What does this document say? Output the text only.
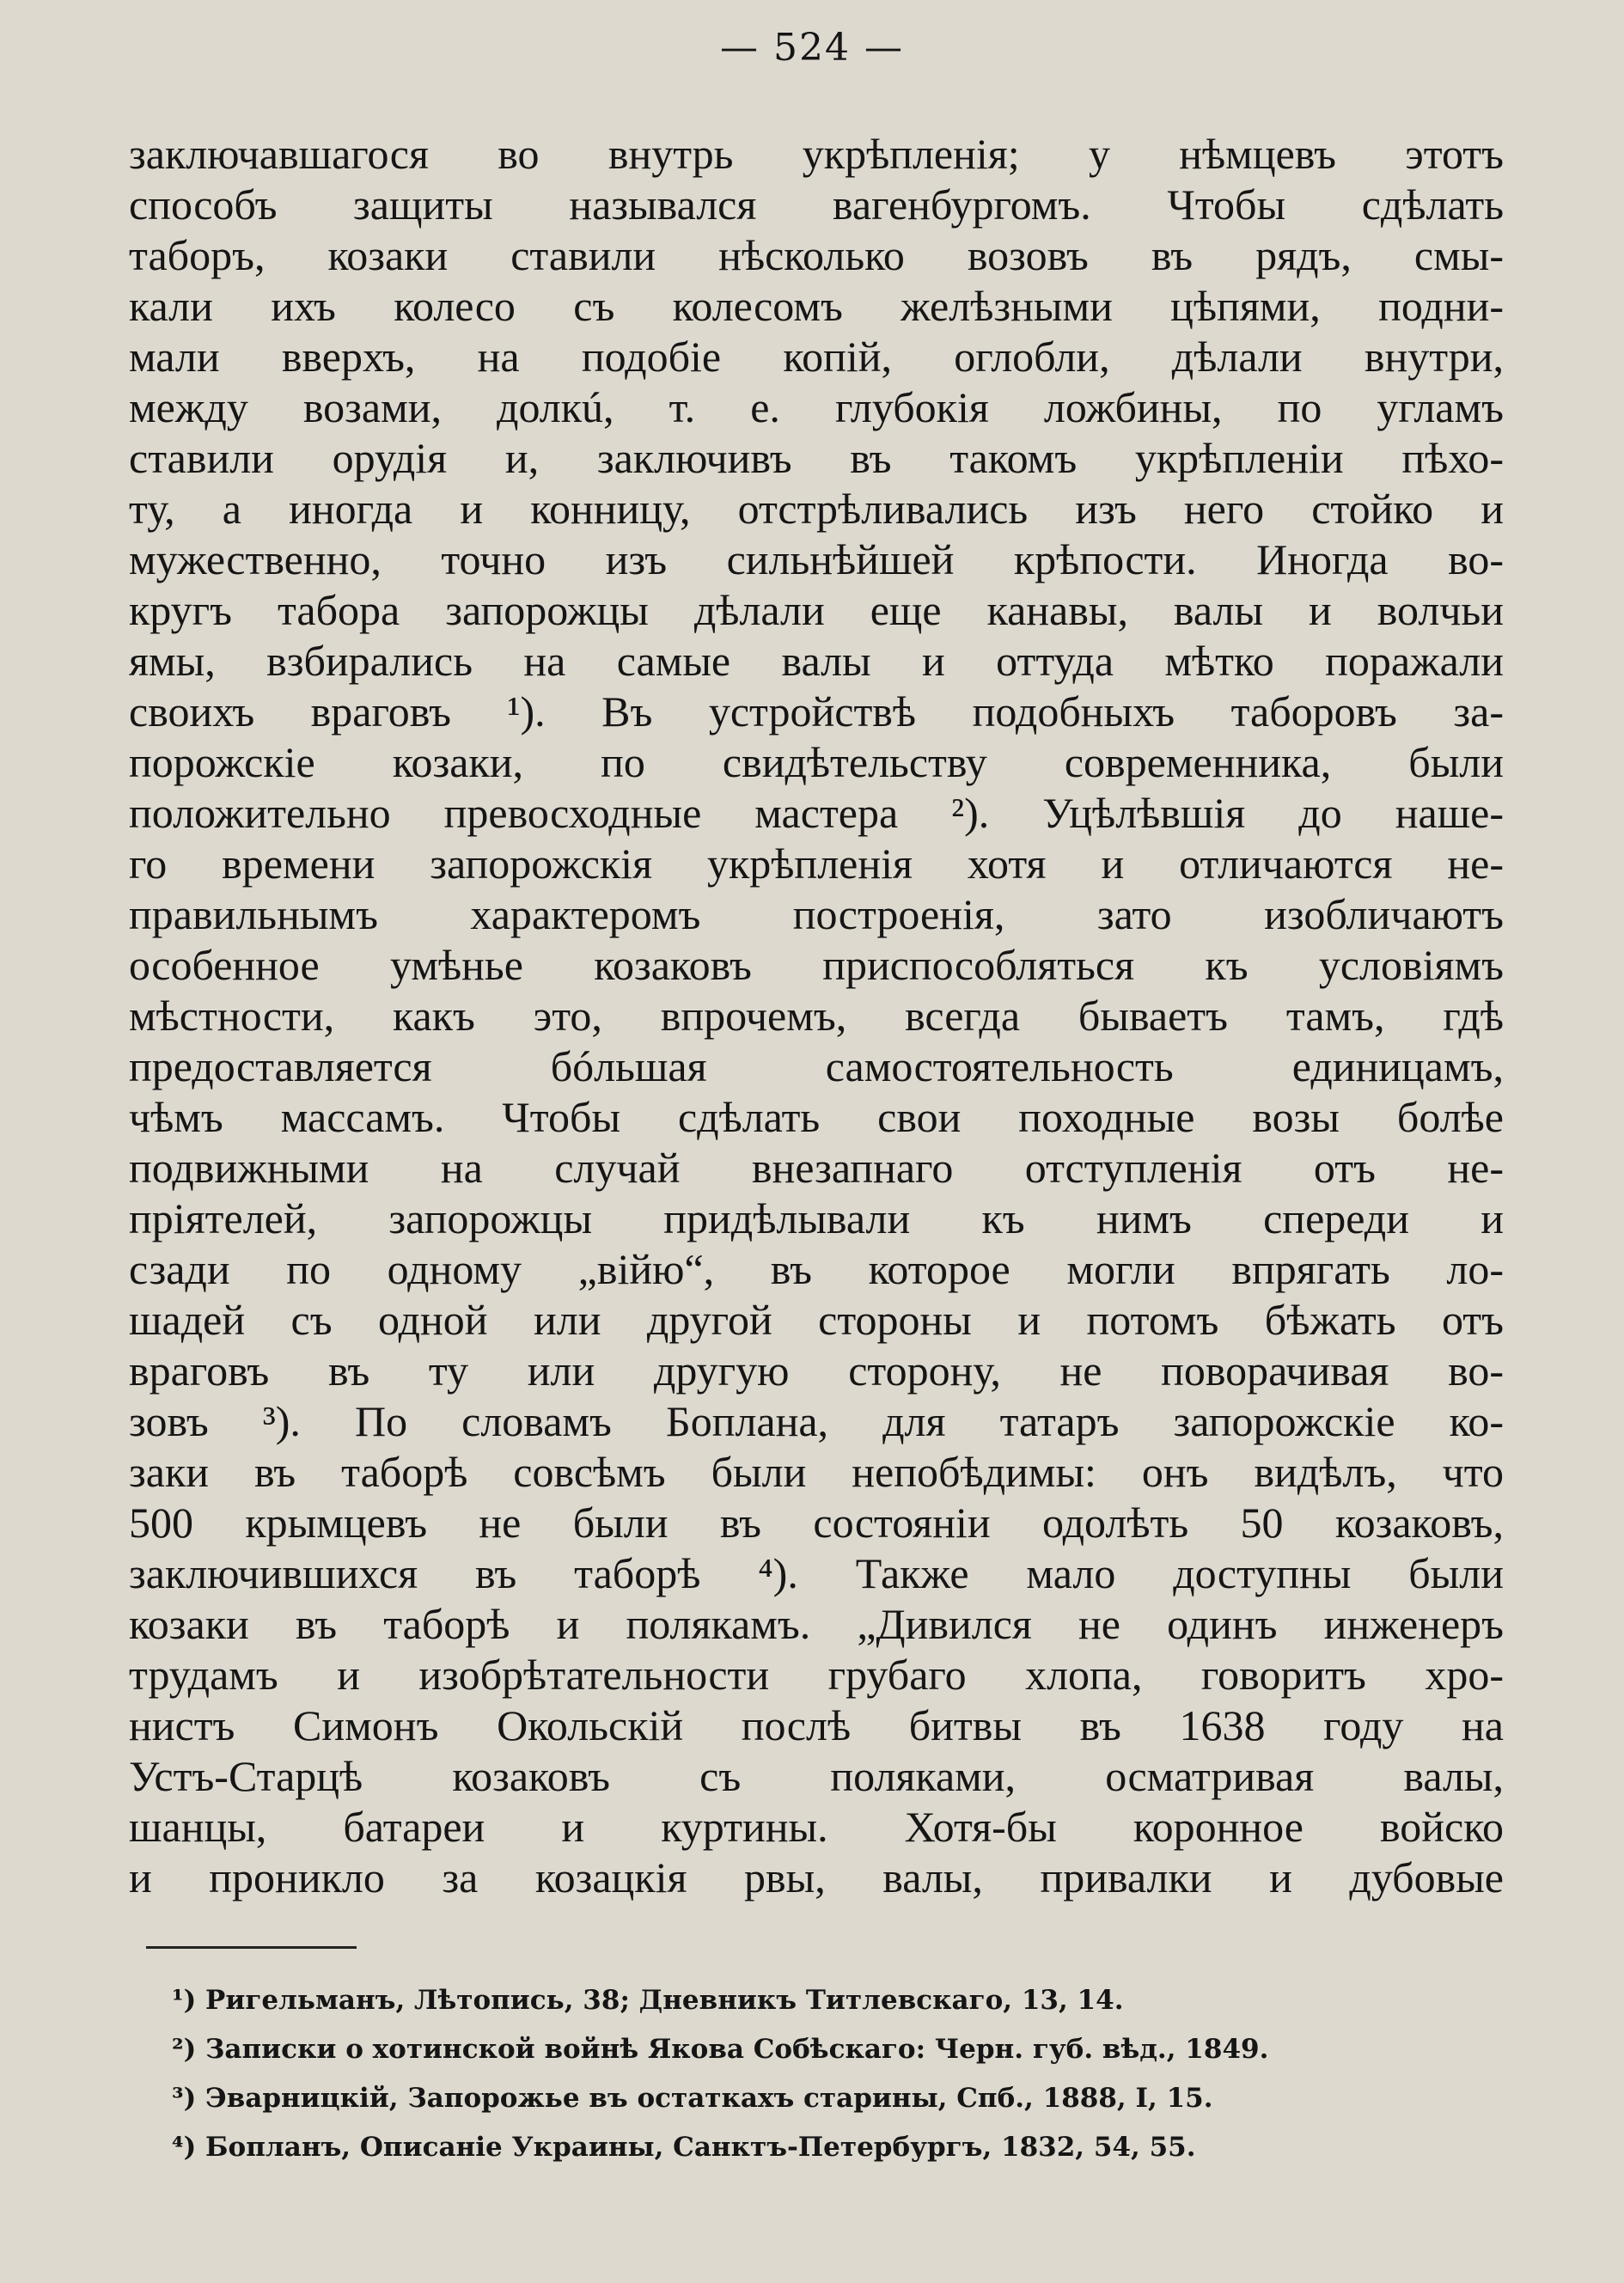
— 524 —
заключавшагося во внутрь укрѣпленія; у нѣмцевъ этотъ
способъ защиты назывался вагенбургомъ. Чтобы сдѣлать
таборъ, козаки ставили нѣсколько возовъ въ рядъ, смы-
кали ихъ колесо съ колесомъ желѣзными цѣпями, подни-
мали вверхъ, на подобіе копій, оглобли, дѣлали внутри,
между возами, долкú, т. е. глубокія ложбины, по угламъ
ставили орудія и, заключивъ въ такомъ укрѣпленіи пѣхо-
ту, а иногда и конницу, отстрѣливались изъ него стойко и
мужественно, точно изъ сильнѣйшей крѣпости. Иногда во-
кругъ табора запорожцы дѣлали еще канавы, валы и волчьи
ямы, взбирались на самые валы и оттуда мѣтко поражали
своихъ враговъ ¹). Въ устройствѣ подобныхъ таборовъ за-
порожскіе козаки, по свидѣтельству современника, были
положительно превосходные мастера ²). Уцѣлѣвшія до наше-
го времени запорожскія укрѣпленія хотя и отличаются не-
правильнымъ характеромъ построенія, зато изобличаютъ
особенное умѣнье козаковъ приспособляться къ условіямъ
мѣстности, какъ это, впрочемъ, всегда бываетъ тамъ, гдѣ
предоставляется бóльшая самостоятельность единицамъ,
чѣмъ массамъ. Чтобы сдѣлать свои походные возы болѣе
подвижными на случай внезапнаго отступленія отъ не-
пріятелей, запорожцы придѣлывали къ нимъ спереди и
сзади по одному „вiйю“, въ которое могли впрягать ло-
шадей съ одной или другой стороны и потомъ бѣжать отъ
враговъ въ ту или другую сторону, не поворачивая во-
зовъ ³). По словамъ Боплана, для татаръ запорожскіе ко-
заки въ таборѣ совсѣмъ были непобѣдимы: онъ видѣлъ, что
500 крымцевъ не были въ состояніи одолѣть 50 козаковъ,
заключившихся въ таборѣ ⁴). Также мало доступны были
козаки въ таборѣ и полякамъ. „Дивился не одинъ инженеръ
трудамъ и изобрѣтательности грубаго хлопа, говоритъ хро-
нистъ Симонъ Окольскій послѣ битвы въ 1638 году на
Устъ-Старцѣ козаковъ съ поляками, осматривая валы,
шанцы, батареи и куртины. Хотя-бы коронное войско
и проникло за козацкія рвы, валы, привалки и дубовые
¹) Ригельманъ, Лѣтопись, 38; Дневникъ Титлевскаго, 13, 14.
²) Записки о хотинской войнѣ Якова Собѣскаго: Черн. губ. вѣд., 1849.
³) Эварницкій, Запорожье въ остаткахъ старины, Спб., 1888, I, 15.
⁴) Бопланъ, Описаніе Украины, Санктъ-Петербургъ, 1832, 54, 55.
